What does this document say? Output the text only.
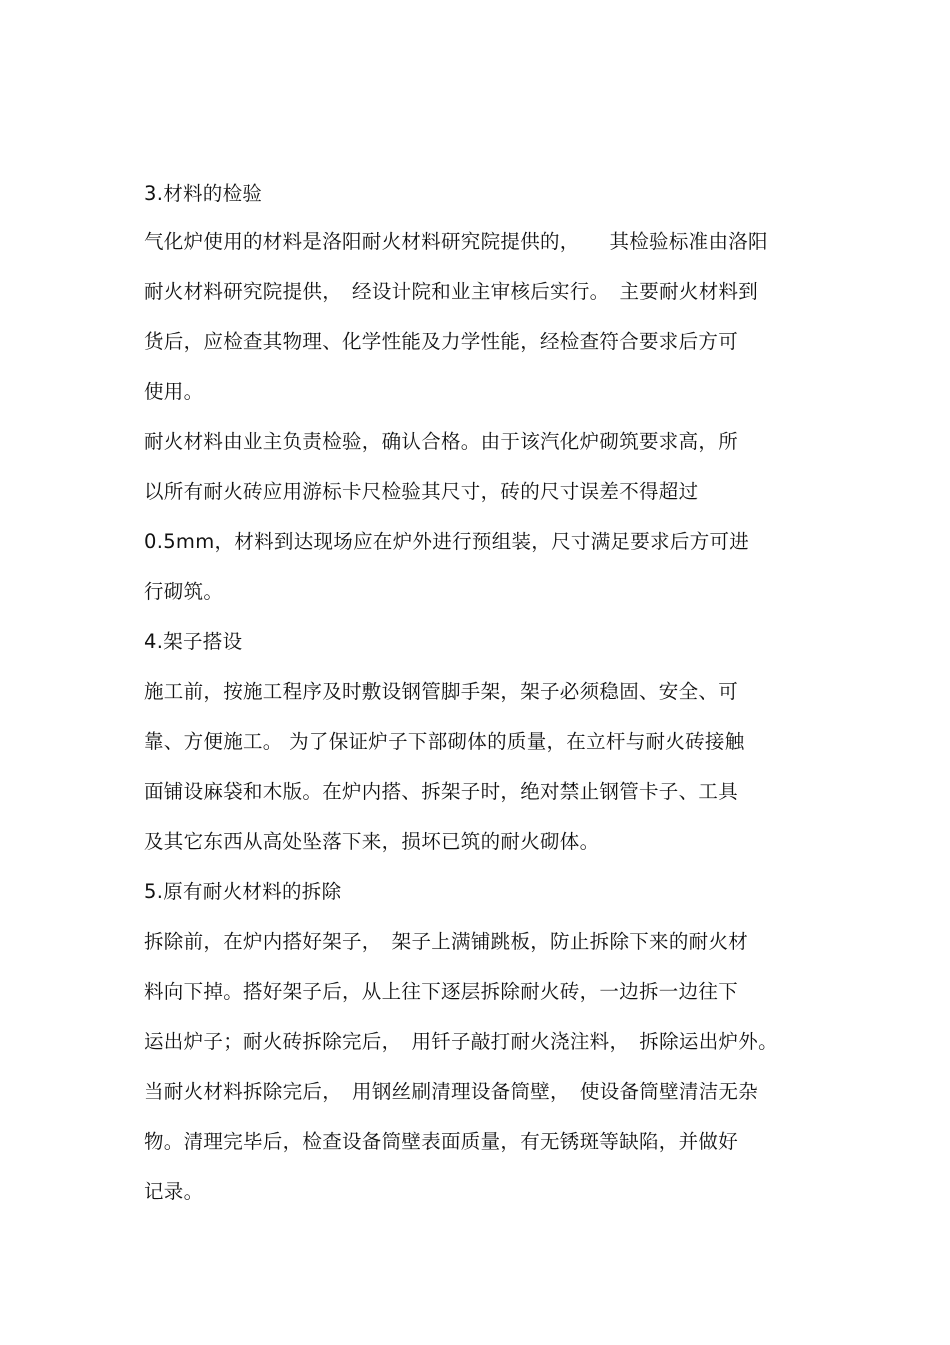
3.材料的检验
气化炉使用的材料是洛阳耐火材料研究院提供的，　　其检验标准由洛阳
耐火材料研究院提供，　经设计院和业主审核后实行。　主要耐火材料到
货后，应检查其物理、化学性能及力学性能，经检查符合要求后方可
使用。
耐火材料由业主负责检验，确认合格。由于该汽化炉砌筑要求高，所
以所有耐火砖应用游标卡尺检验其尺寸，砖的尺寸误差不得超过
0.5mm，材料到达现场应在炉外进行预组装，尺寸满足要求后方可进
行砌筑。
4.架子搭设
施工前，按施工程序及时敷设钢管脚手架，架子必须稳固、安全、可
靠、方便施工。 为了保证炉子下部砌体的质量，在立杆与耐火砖接触
面铺设麻袋和木版。在炉内搭、拆架子时，绝对禁止钢管卡子、工具
及其它东西从高处坠落下来，损坏已筑的耐火砌体。
5.原有耐火材料的拆除
拆除前，在炉内搭好架子，　架子上满铺跳板，防止拆除下来的耐火材
料向下掉。搭好架子后，从上往下逐层拆除耐火砖，一边拆一边往下
运出炉子；耐火砖拆除完后，　用钎子敲打耐火浇注料，　拆除运出炉外。
当耐火材料拆除完后，　用钢丝刷清理设备筒壁，　使设备筒壁清洁无杂
物。清理完毕后，检查设备筒壁表面质量，有无锈斑等缺陷，并做好
记录。
